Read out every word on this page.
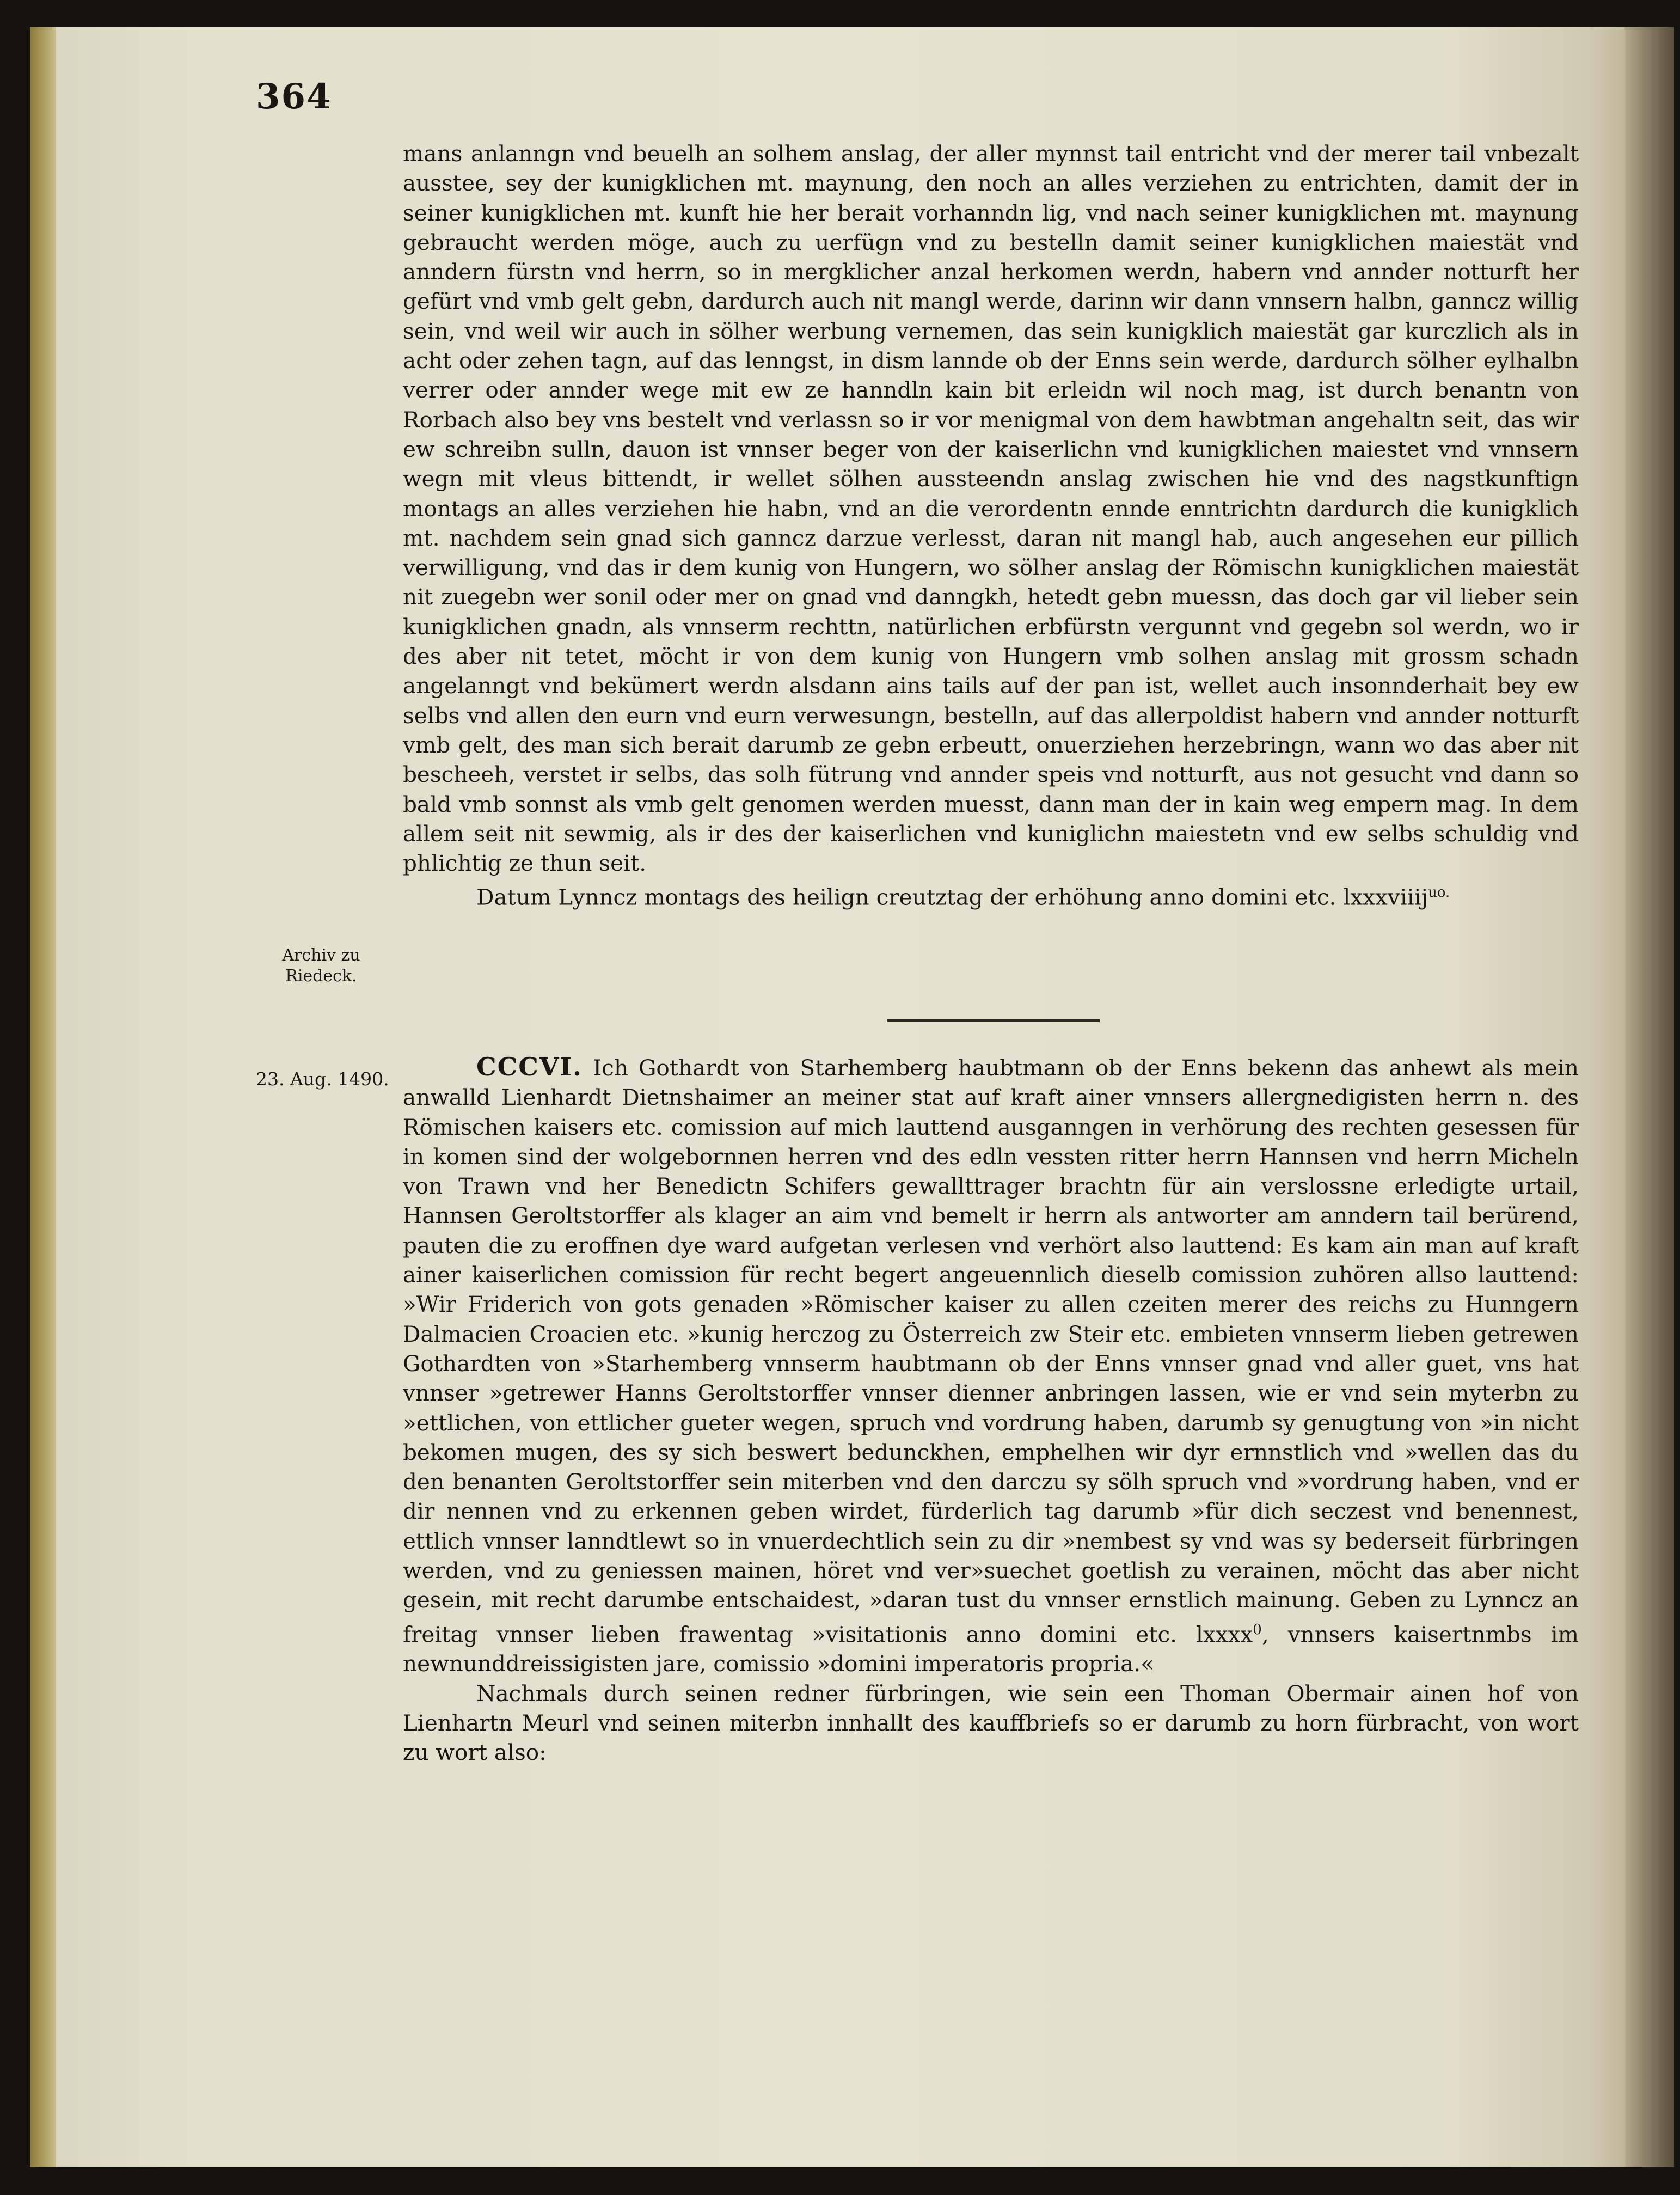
364

mans anlanngn vnd beuelh an solhem anslag, der aller mynnst tail entricht vnd der merer tail vnbezalt ausstee, sey der kunigklichen mt. maynung, den noch an alles verziehen zu entrichten, damit der in seiner kunigklichen mt. kunft hie her berait vorhanndn lig, vnd nach seiner kunigklichen mt. maynung gebraucht werden möge, auch zu uerfügn vnd zu bestelln damit seiner kunigklichen maiestät vnd anndern fürstn vnd herrn, so in mergklicher anzal herkomen werdn, habern vnd annder notturft her gefürt vnd vmb gelt gebn, dardurch auch nit mangl werde, darinn wir dann vnnsern halbn, ganncz willig sein, vnd weil wir auch in sölher werbung vernemen, das sein kunigklich maiestät gar kurczlich als in acht oder zehen tagn, auf das lenngst, in dism lannde ob der Enns sein werde, dardurch sölher eylhalbn verrer oder annder wege mit ew ze hanndln kain bit erleidn wil noch mag, ist durch benantn von Rorbach also bey vns bestelt vnd verlassn so ir vor menigmal von dem hawbtman angehaltn seit, das wir ew schreibn sulln, dauon ist vnnser beger von der kaiserlichn vnd kunigklichen maiestet vnd vnnsern wegn mit vleus bittendt, ir wellet sölhen aussteendn anslag zwischen hie vnd des nagstkunftign montags an alles verziehen hie habn, vnd an die verordentn ennde enntrichtn dardurch die kunigklich mt. nachdem sein gnad sich ganncz darzue verlesst, daran nit mangl hab, auch angesehen eur pillich verwilligung, vnd das ir dem kunig von Hungern, wo sölher anslag der Römischn kunigklichen maiestät nit zuegebn wer sonil oder mer on gnad vnd danngkh, hetedt gebn muessn, das doch gar vil lieber sein kunigklichen gnadn, als vnnserm rechttn, natürlichen erbfürstn vergunnt vnd gegebn sol werdn, wo ir des aber nit tetet, möcht ir von dem kunig von Hungern vmb solhen anslag mit grossm schadn angelanngt vnd bekümert werdn alsdann ains tails auf der pan ist, wellet auch insonnderhait bey ew selbs vnd allen den eurn vnd eurn verwesungn, bestelln, auf das allerpoldist habern vnd annder notturft vmb gelt, des man sich berait darumb ze gebn erbeutt, onuerziehen herzebringn, wann wo das aber nit bescheeh, verstet ir selbs, das solh fütrung vnd annder speis vnd notturft, aus not gesucht vnd dann so bald vmb sonnst als vmb gelt genomen werden muesst, dann man der in kain weg empern mag. In dem allem seit nit sewmig, als ir des der kaiserlichen vnd kuniglichn maiestetn vnd ew selbs schuldig vnd phlichtig ze thun seit.

Datum Lynncz montags des heilign creutztag der erhöhung anno domini etc. lxxxviiij$^{uo.}$

Archiv zu Riedeck.
23. Aug. 1490.	CCCVI. Ich Gothardt von Starhemberg haubtmann ob der Enns bekenn das anhewt als mein anwalld Lienhardt Dietnshaimer an meiner stat auf kraft ainer vnnsers allergnedigisten herrn n. des Römischen kaisers etc. comission auf mich lauttend ausganngen in verhörung des rechten gesessen für in komen sind der wolgebornnen herren vnd des edln vessten ritter herrn Hannsen vnd herrn Micheln von Trawn vnd her Benedictn Schifers gewallttrager brachtn für ain verslossne erledigte urtail, Hannsen Geroltstorffer als klager an aim vnd bemelt ir herrn als antworter am anndern tail berürend, pauten die zu eroffnen dye ward aufgetan verlesen vnd verhört also lauttend: Es kam ain man auf kraft ainer kaiserlichen comission für recht begert angeuennlich dieselb comission zuhören allso lauttend: »Wir Friderich von gots genaden »Römischer kaiser zu allen czeiten merer des reichs zu Hunngern Dalmacien Croacien etc. »kunig herczog zu Österreich zw Steir etc. embieten vnnserm lieben getrewen Gothardten von »Starhemberg vnnserm haubtmann ob der Enns vnnser gnad vnd aller guet, vns hat vnnser »getrewer Hanns Geroltstorffer vnnser dienner anbringen lassen, wie er vnd sein myterbn zu »ettlichen, von ettlicher gueter wegen, spruch vnd vordrung haben, darumb sy genugtung von »in nicht bekomen mugen, des sy sich beswert bedunckhen, emphelhen wir dyr ernnstlich vnd »wellen das du den benanten Geroltstorffer sein miterben vnd den darczu sy sölh spruch vnd »vordrung haben, vnd er dir nennen vnd zu erkennen geben wirdet, fürderlich tag darumb »für dich seczest vnd benennest, ettlich vnnser lanndtlewt so in vnuerdechtlich sein zu dir »nembest sy vnd was sy bederseit fürbringen werden, vnd zu geniessen mainen, höret vnd ver»suechet goetlish zu verainen, möcht das aber nicht gesein, mit recht darumbe entschaidest, »daran tust du vnnser ernstlich mainung. Geben zu Lynncz an freitag vnnser lieben frawentag »visitationis anno domini etc. lxxxx$^0$, vnnsers kaisertnmbs im newnunddreissigisten jare, comissio »domini imperatoris propria.«

Nachmals durch seinen redner fürbringen, wie sein een Thoman Obermair ainen hof von Lienhartn Meurl vnd seinen miterbn innhallt des kauffbriefs so er darumb zu horn fürbracht, von wort zu wort also:
